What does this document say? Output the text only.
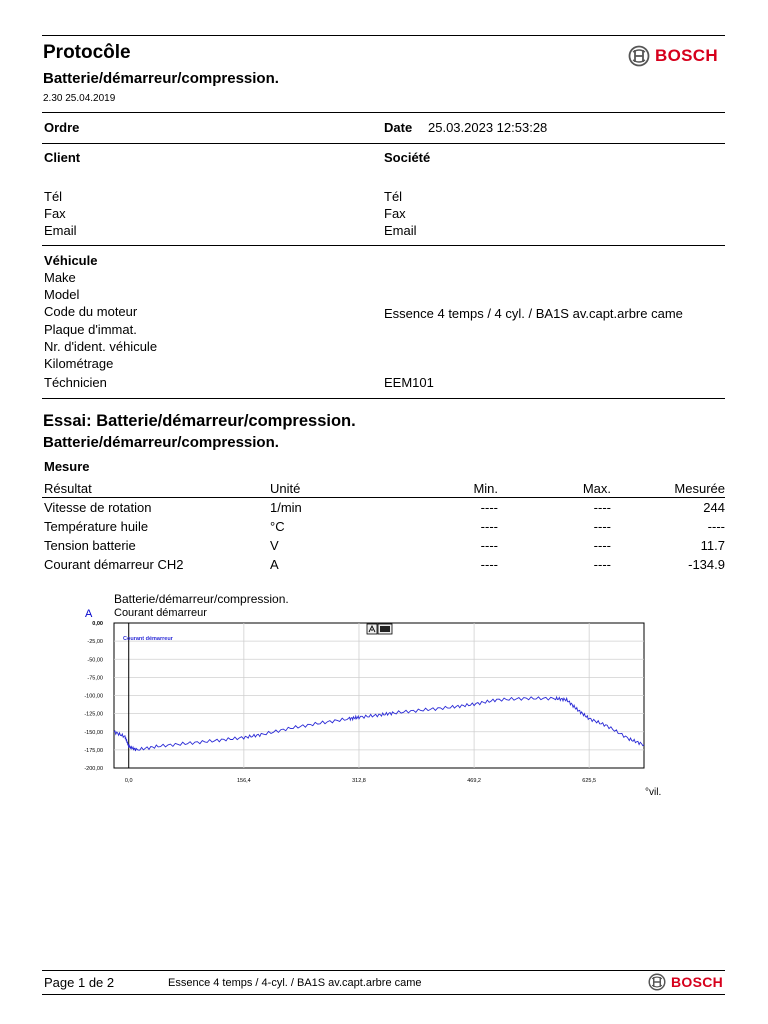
Protocôle	BOSCH
Batterie/démarreur/compression.
2.30 25.04.2019
Ordre	Date 25.03.2023 12:53:28
Client	Société
Tél
Fax
Email
Tél
Fax
Email
Véhicule
Make
Model
Code du moteur	Essence 4 temps / 4 cyl. / BA1S av.capt.arbre came
Plaque d'immat.
Nr. d'ident. véhicule
Kilométrage
Téchnicien	EEM101
Essai: Batterie/démarreur/compression.
Batterie/démarreur/compression.
Mesure
Résultat	Unité	Min.	Max.	Mesurée
Vitesse de rotation	1/min	----	----	244
Température huile	°C	----	----	----
Tension batterie	V	----	----	11.7
Courant démarreur CH2	A	----	----	-134.9
Batterie/démarreur/compression.
Courant démarreur
A
0,00
-25,00
-50,00
-75,00
-100,00
-125,00
-150,00
-175,00
-200,00
0,0	156,4	312,8	469,2	625,5
Courant démarreur
°vil.
Page 1 de 2	Essence 4 temps / 4-cyl. / BA1S av.capt.arbre came	BOSCH
